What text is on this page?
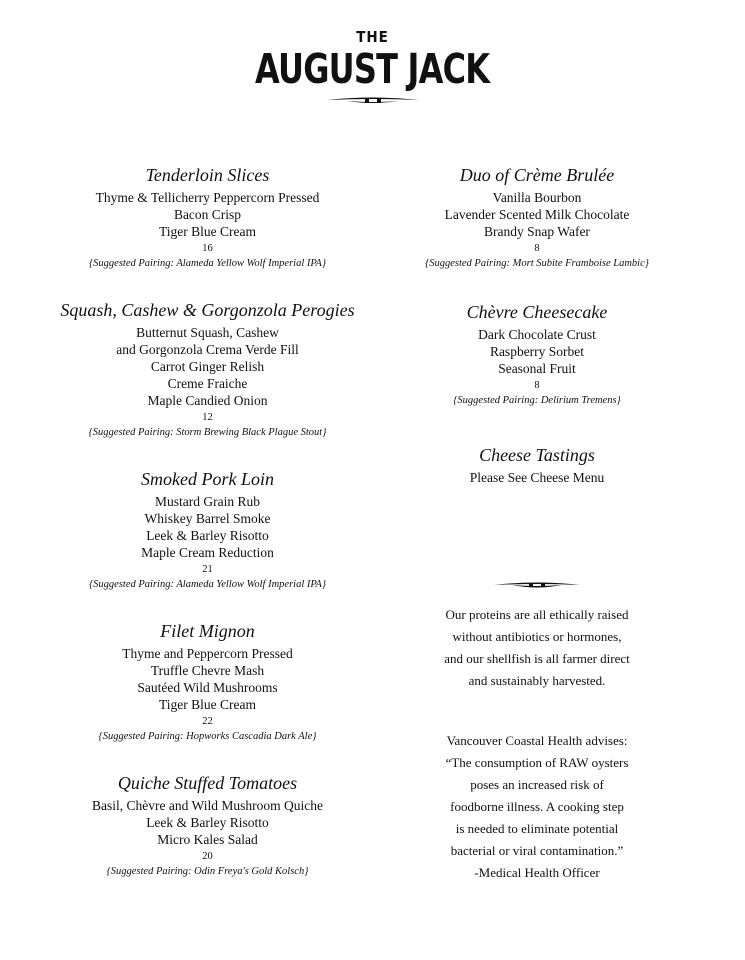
THE
AUGUST JACK
Tenderloin Slices
Thyme & Tellicherry Peppercorn Pressed
Bacon Crisp
Tiger Blue Cream
16
{Suggested Pairing: Alameda Yellow Wolf Imperial IPA}
Squash, Cashew & Gorgonzola Perogies
Butternut Squash, Cashew
and Gorgonzola Crema Verde Fill
Carrot Ginger Relish
Creme Fraiche
Maple Candied Onion
12
{Suggested Pairing: Storm Brewing Black Plague Stout}
Smoked Pork Loin
Mustard Grain Rub
Whiskey Barrel Smoke
Leek & Barley Risotto
Maple Cream Reduction
21
{Suggested Pairing: Alameda Yellow Wolf Imperial IPA}
Filet Mignon
Thyme and Peppercorn Pressed
Truffle Chevre Mash
Sautéed Wild Mushrooms
Tiger Blue Cream
22
{Suggested Pairing: Hopworks Cascadia Dark Ale}
Quiche Stuffed Tomatoes
Basil, Chèvre and Wild Mushroom Quiche
Leek & Barley Risotto
Micro Kales Salad
20
{Suggested Pairing: Odin Freya's Gold Kolsch}
Duo of Crème Brulée
Vanilla Bourbon
Lavender Scented Milk Chocolate
Brandy Snap Wafer
8
{Suggested Pairing: Mort Subite Framboise Lambic}
Chèvre Cheesecake
Dark Chocolate Crust
Raspberry Sorbet
Seasonal Fruit
8
{Suggested Pairing: Delirium Tremens}
Cheese Tastings
Please See Cheese Menu
Our proteins are all ethically raised
without antibiotics or hormones,
and our shellfish is all farmer direct
and sustainably harvested.
Vancouver Coastal Health advises:
“The consumption of RAW oysters
poses an increased risk of
foodborne illness. A cooking step
is needed to eliminate potential
bacterial or viral contamination.”
-Medical Health Officer
